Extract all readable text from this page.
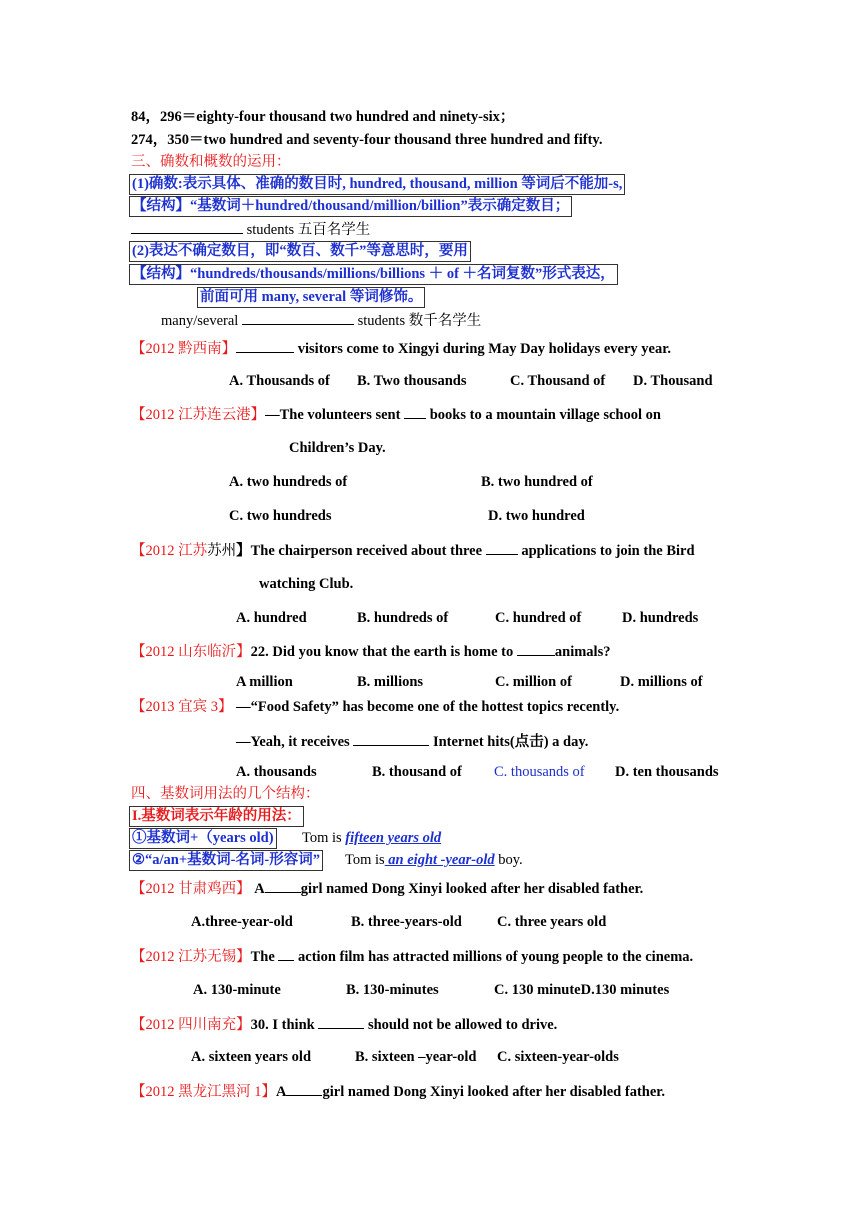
84，296＝eighty-four thousand two hundred and ninety-six；
274，350＝two hundred and seventy-four thousand three hundred and fifty.
三、确数和概数的运用：
(1)确数:表示具体、准确的数目时, hundred, thousand, million 等词后不能加-s,
【结构】“基数词＋hundred/thousand/million/billion”表示确定数目；
students 五百名学生
(2)表达不确定数目，即“数百、数千”等意思时，要用
【结构】“hundreds/thousands/millions/billions ＋ of ＋名词复数”形式表达，
前面可用 many, several 等词修饰。
many/several	students 数千名学生
【2012 黔西南】	visitors come to Xingyi during May Day holidays every year.
A. Thousands of B. Two thousands	C. Thousand of D. Thousand
【2012 江苏连云港】—The volunteers sent  books to a mountain village school on
Children’s Day.
A. two hundreds of	B. two hundred of
C. two hundreds	D. two hundred
【2012 江苏苏州】The chairperson received about three  applications to join the Bird
watching Club.
A. hundred	B. hundreds of	C. hundred of	D. hundreds
【2012 山东临沂】22. Did you know that the earth is home to	animals?
A million	B. millions	C. million of	D. millions of
【2013 宜宾 3】 —“Food Safety” has become one of the hottest topics recently.
—Yeah, it receives	Internet hits(点击) a day.
A. thousands	B. thousand of C. thousands of D. ten thousands
四、基数词用法的几个结构：
I.基数词表示年龄的用法：
①基数词+（years old) Tom is fifteen years old
②“a/an+基数词-名词-形容词” Tom is an eight -year-old boy.
【2012 甘肃鸡西】 A girl named Dong Xinyi looked after her disabled father.
A.three-year-old	B. three-years-old C. three years old
【2012 江苏无锡】The  action film has attracted millions of young people to the cinema.
A. 130-minute	B. 130-minutes	C. 130 minuteD.130 minutes
【2012 四川南充】30. I think	should not be allowed to drive.
A. sixteen years old	B. sixteen –year-old C. sixteen-year-olds
【2012 黑龙江黑河 1】A girl named Dong Xinyi looked after her disabled father.
